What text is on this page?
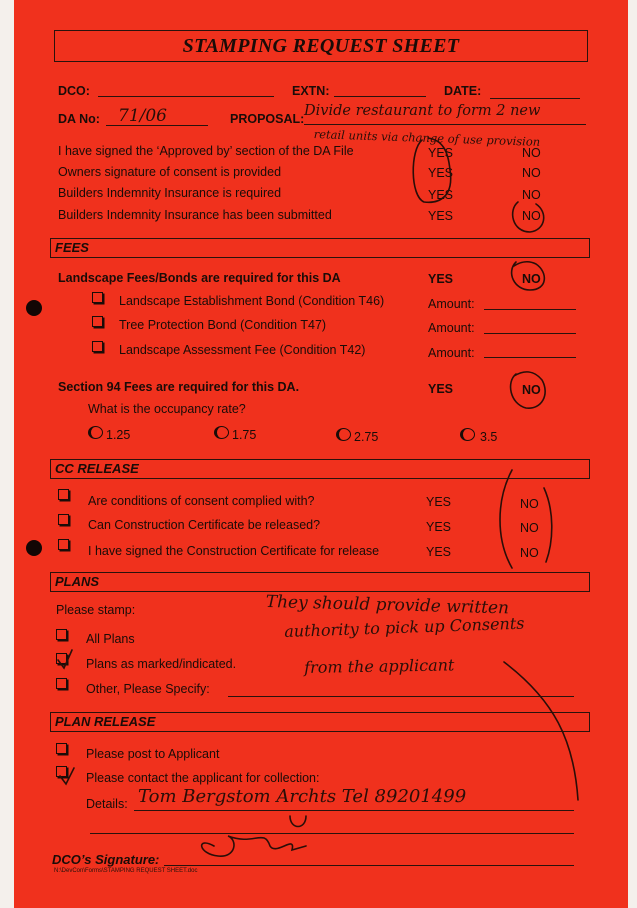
STAMPING REQUEST SHEET
DCO:	EXTN:	DATE:
DA No: 71/06	PROPOSAL: Divide restaurant to form 2 new
retail units via change of use provision
I have signed the ‘Approved by’ section of the DA File	YES	NO
Owners signature of consent is provided	YES	NO
Builders Indemnity Insurance is required	YES	NO
Builders Indemnity Insurance has been submitted	YES	NO
FEES
Landscape Fees/Bonds are required for this DA	YES	NO
Landscape Establishment Bond (Condition T46)	Amount:
Tree Protection Bond (Condition T47)	Amount:
Landscape Assessment Fee (Condition T42)	Amount:
Section 94 Fees are required for this DA.	YES	NO
What is the occupancy rate?
1.25	1.75	2.75	3.5
CC RELEASE
Are conditions of consent complied with?	YES	NO
Can Construction Certificate be released?	YES	NO
I have signed the Construction Certificate for release	YES	NO
PLANS
Please stamp:
All Plans
Plans as marked/indicated.
Other, Please Specify:
They should provide written
authority to pick up Consents
from the applicant
PLAN RELEASE
Please post to Applicant
Please contact the applicant for collection:
Details: Tom Bergstom Archts Tel 89201499
DCO’s Signature:
N:\DevCon\Forms\STAMPING REQUEST SHEET.doc
